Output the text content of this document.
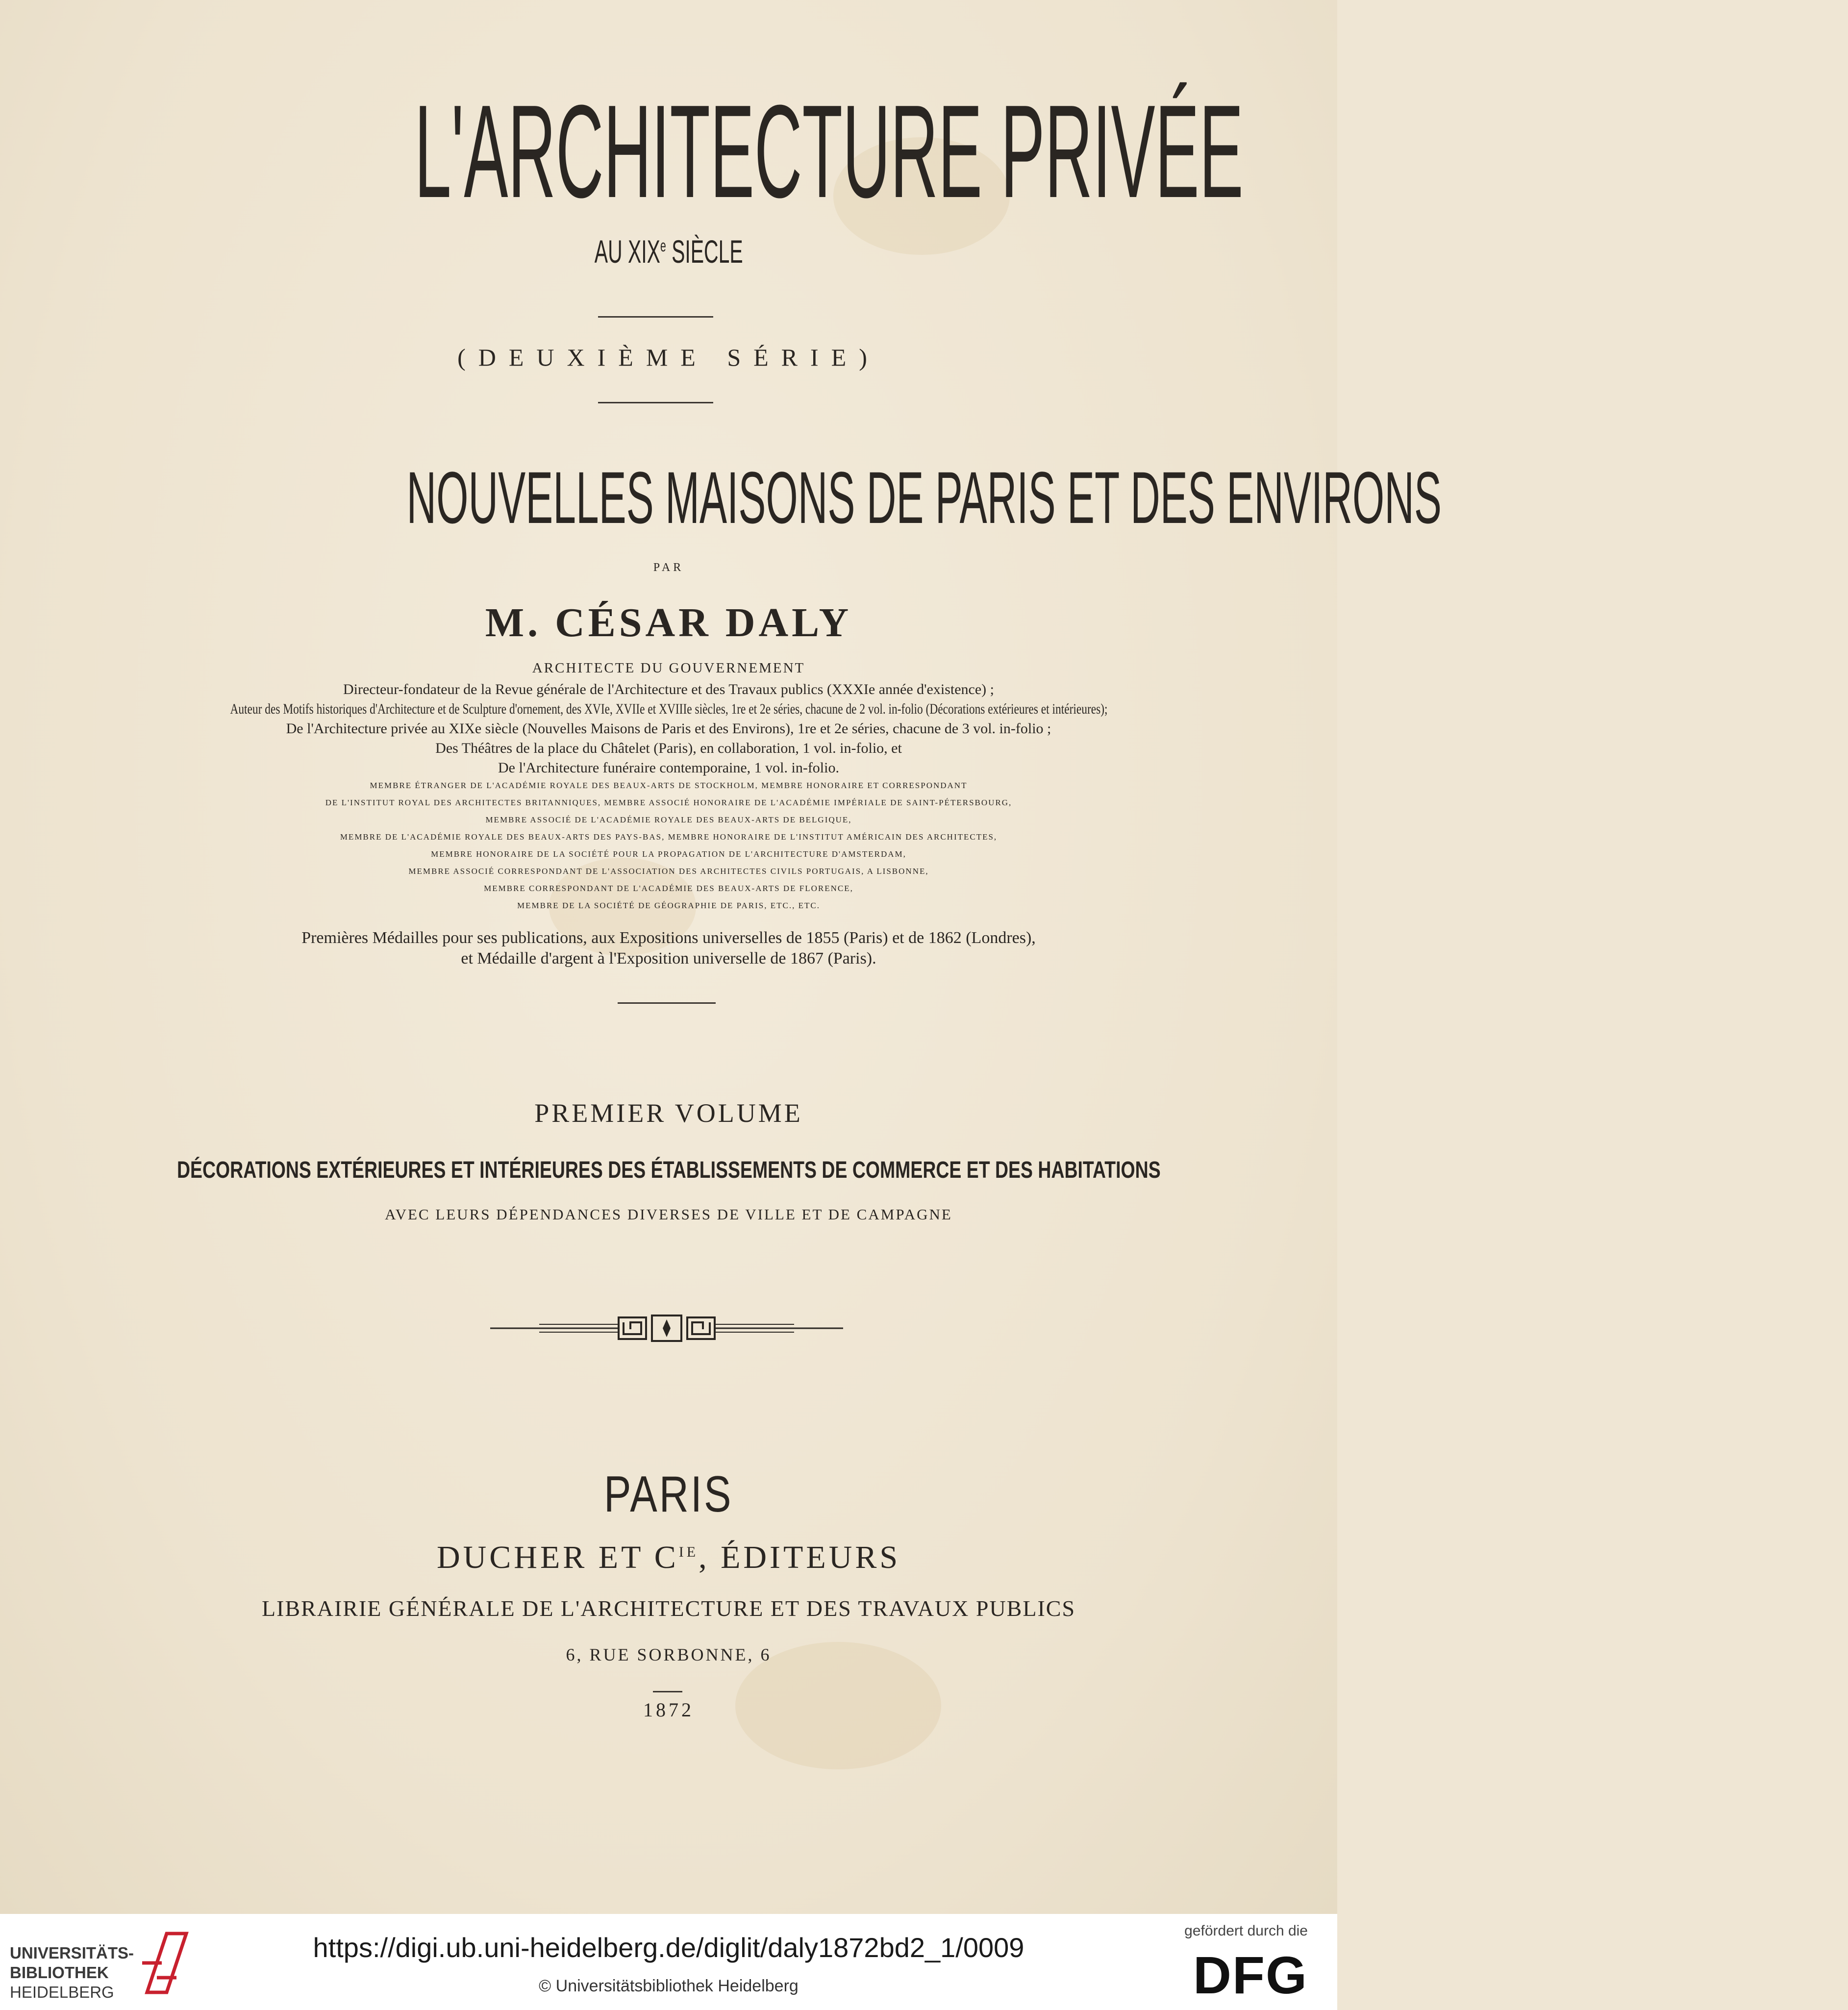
L'ARCHITECTURE PRIVÉE
AU XIXe SIÈCLE
(DEUXIÈME SÉRIE)
NOUVELLES MAISONS DE PARIS ET DES ENVIRONS
PAR
M. CÉSAR DALY
ARCHITECTE DU GOUVERNEMENT
Directeur-fondateur de la Revue générale de l'Architecture et des Travaux publics (XXXIe année d'existence) ;
Auteur des Motifs historiques d'Architecture et de Sculpture d'ornement, des XVIe, XVIIe et XVIIIe siècles, 1re et 2e séries, chacune de 2 vol. in-folio (Décorations extérieures et intérieures);
De l'Architecture privée au XIXe siècle (Nouvelles Maisons de Paris et des Environs), 1re et 2e séries, chacune de 3 vol. in-folio ;
Des Théâtres de la place du Châtelet (Paris), en collaboration, 1 vol. in-folio, et
De l'Architecture funéraire contemporaine, 1 vol. in-folio.
MEMBRE ÉTRANGER DE L'ACADÉMIE ROYALE DES BEAUX-ARTS DE STOCKHOLM, MEMBRE HONORAIRE ET CORRESPONDANT
DE L'INSTITUT ROYAL DES ARCHITECTES BRITANNIQUES, MEMBRE ASSOCIÉ HONORAIRE DE L'ACADÉMIE IMPÉRIALE DE SAINT-PÉTERSBOURG,
MEMBRE ASSOCIÉ DE L'ACADÉMIE ROYALE DES BEAUX-ARTS DE BELGIQUE,
MEMBRE DE L'ACADÉMIE ROYALE DES BEAUX-ARTS DES PAYS-BAS, MEMBRE HONORAIRE DE L'INSTITUT AMÉRICAIN DES ARCHITECTES,
MEMBRE HONORAIRE DE LA SOCIÉTÉ POUR LA PROPAGATION DE L'ARCHITECTURE D'AMSTERDAM,
MEMBRE ASSOCIÉ CORRESPONDANT DE L'ASSOCIATION DES ARCHITECTES CIVILS PORTUGAIS, A LISBONNE,
MEMBRE CORRESPONDANT DE L'ACADÉMIE DES BEAUX-ARTS DE FLORENCE,
MEMBRE DE LA SOCIÉTÉ DE GÉOGRAPHIE DE PARIS, ETC., ETC.
Premières Médailles pour ses publications, aux Expositions universelles de 1855 (Paris) et de 1862 (Londres),
et Médaille d'argent à l'Exposition universelle de 1867 (Paris).
PREMIER VOLUME
DÉCORATIONS EXTÉRIEURES ET INTÉRIEURES DES ÉTABLISSEMENTS DE COMMERCE ET DES HABITATIONS
AVEC LEURS DÉPENDANCES DIVERSES DE VILLE ET DE CAMPAGNE
PARIS
DUCHER ET $C^{IE}$, ÉDITEURS
LIBRAIRIE GÉNÉRALE DE L'ARCHITECTURE ET DES TRAVAUX PUBLICS
6, RUE SORBONNE, 6
1872
UNIVERSITÄTS-
BIBLIOTHEK
HEIDELBERG
https://digi.ub.uni-heidelberg.de/diglit/daly1872bd2_1/0009
© Universitätsbibliothek Heidelberg
gefördert durch die
DFG
